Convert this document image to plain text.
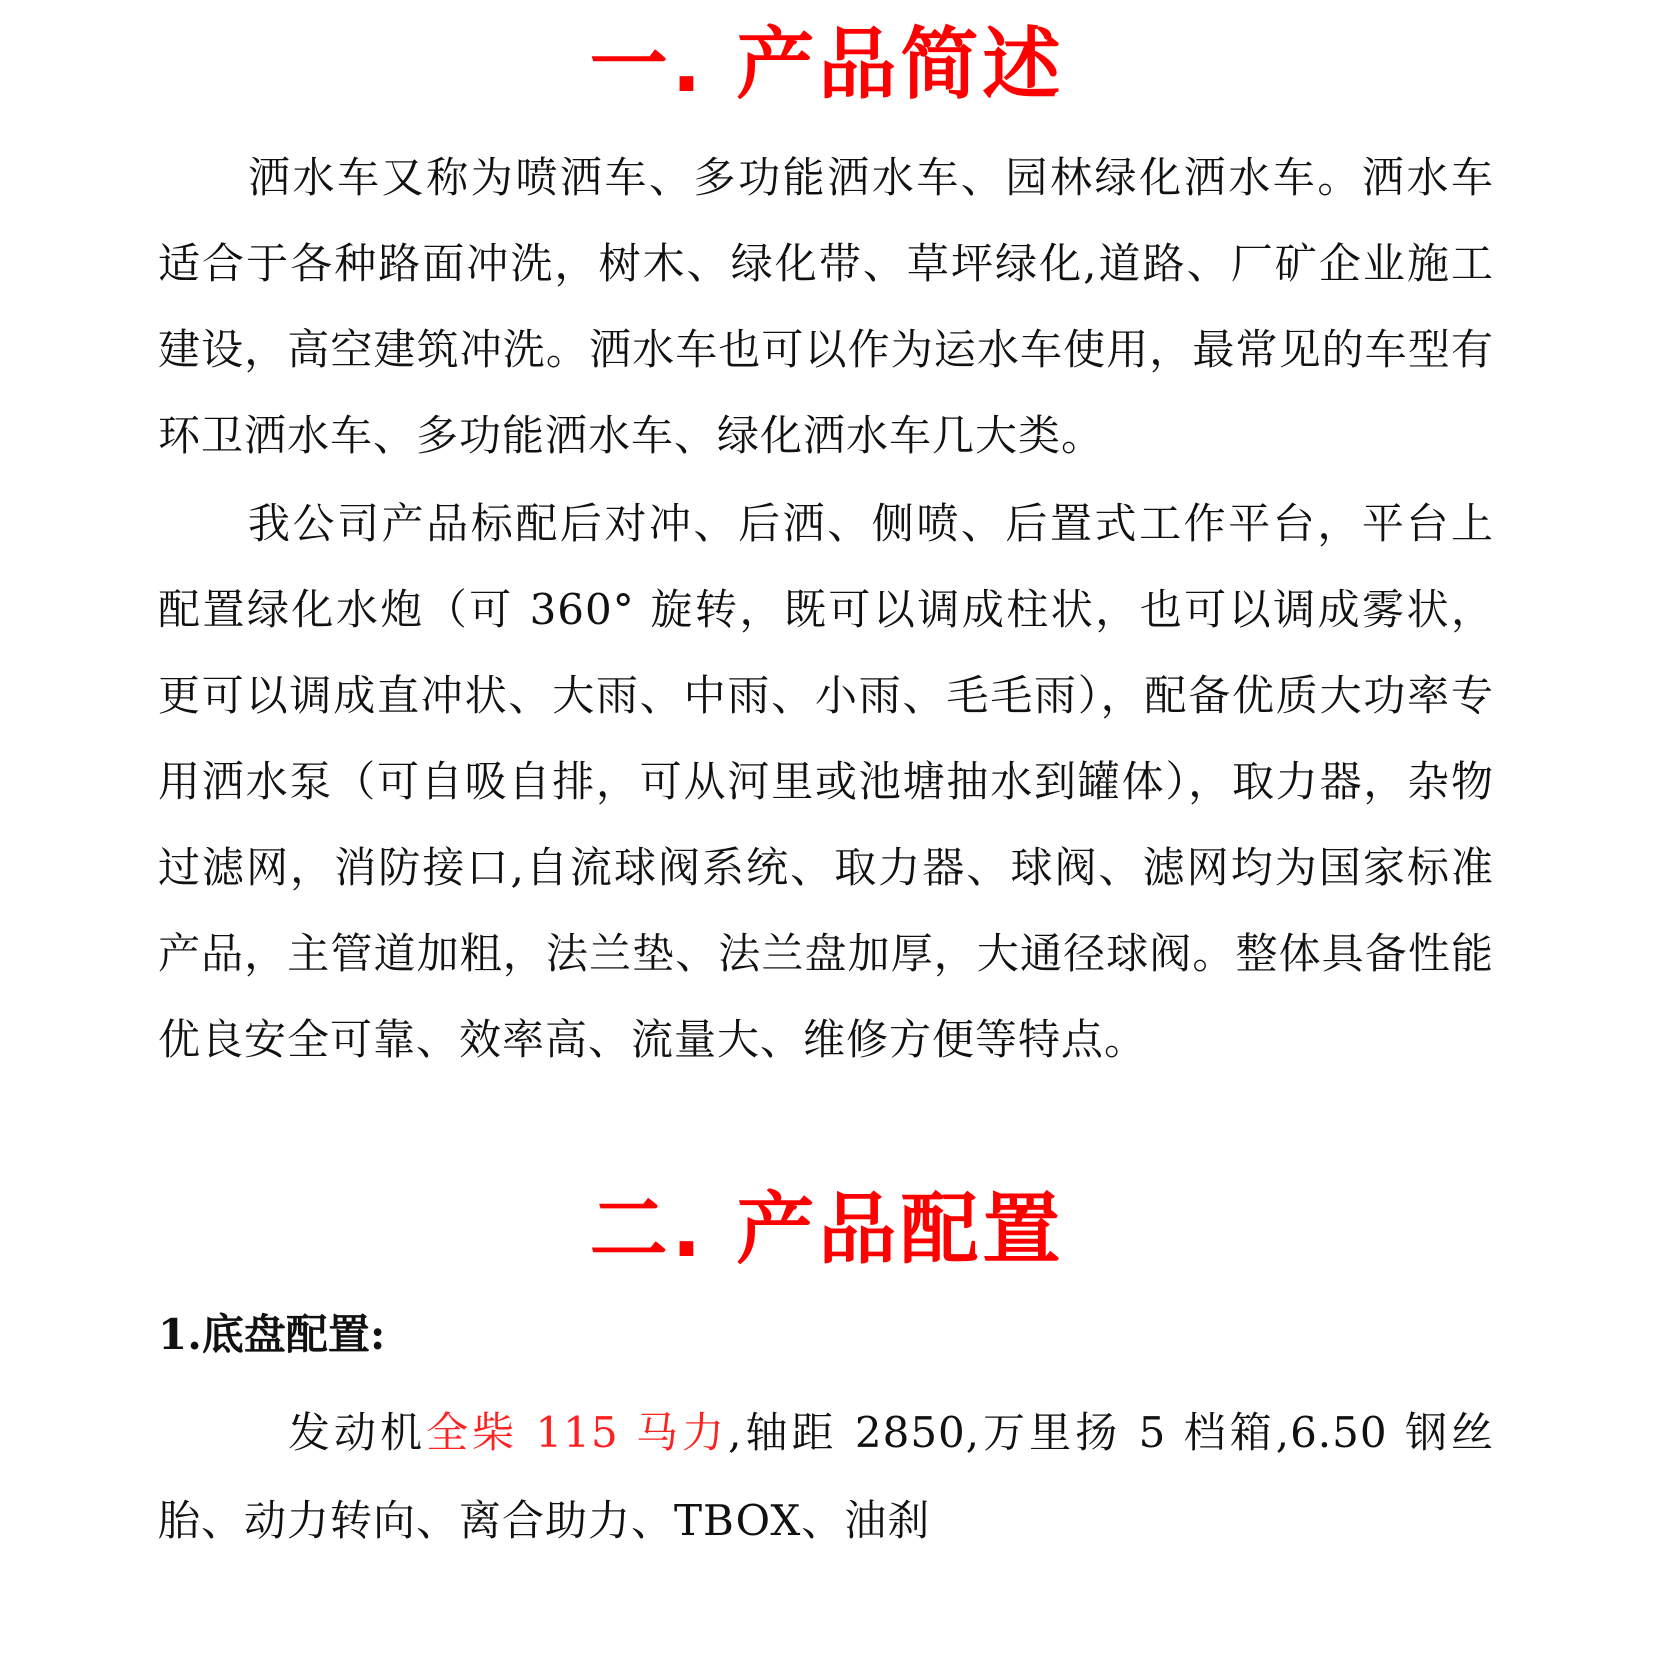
一. 产品简述

洒水车又称为喷洒车、多功能洒水车、园林绿化洒水车。洒水车适合于各种路面冲洗，树木、绿化带、草坪绿化,道路、厂矿企业施工建设，高空建筑冲洗。洒水车也可以作为运水车使用，最常见的车型有环卫洒水车、多功能洒水车、绿化洒水车几大类。

我公司产品标配后对冲、后洒、侧喷、后置式工作平台，平台上配置绿化水炮（可 360° 旋转，既可以调成柱状，也可以调成雾状，更可以调成直冲状、大雨、中雨、小雨、毛毛雨），配备优质大功率专用洒水泵（可自吸自排，可从河里或池塘抽水到罐体），取力器，杂物过滤网，消防接口,自流球阀系统、取力器、球阀、滤网均为国家标准产品，主管道加粗，法兰垫、法兰盘加厚，大通径球阀。整体具备性能优良安全可靠、效率高、流量大、维修方便等特点。

二. 产品配置
1.底盘配置:

发动机全柴 115 马力,轴距 2850,万里扬 5 档箱,6.50 钢丝胎、动力转向、离合助力、TBOX、油刹
